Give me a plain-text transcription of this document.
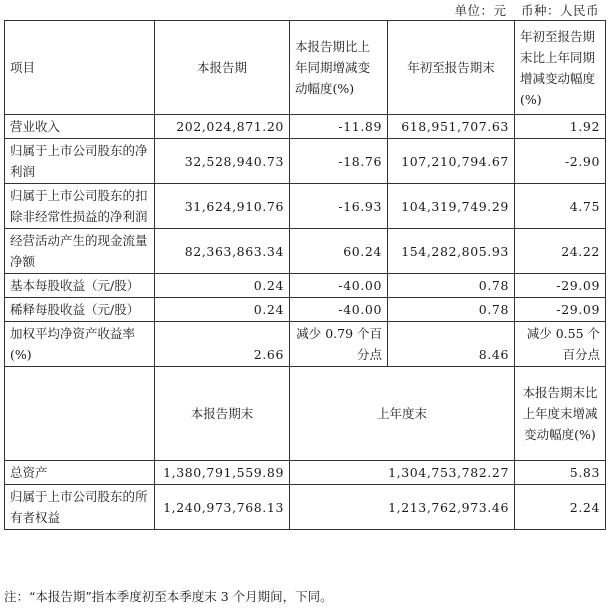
单位：元 币种：人民币
项目	本报告期	本报告期比上年同期增减变动幅度(%)	年初至报告期末	年初至报告期末比上年同期增减变动幅度(%)
营业收入	202,024,871.20	-11.89	618,951,707.63	1.92
归属于上市公司股东的净利润	32,528,940.73	-18.76	107,210,794.67	-2.90
归属于上市公司股东的扣除非经常性损益的净利润	31,624,910.76	-16.93	104,319,749.29	4.75
经营活动产生的现金流量净额	82,363,863.34	60.24	154,282,805.93	24.22
基本每股收益（元/股）	0.24	-40.00	0.78	-29.09
稀释每股收益（元/股）	0.24	-40.00	0.78	-29.09
加权平均净资产收益率(%)	2.66	减少 0.79 个百分点	8.46	减少 0.55 个百分点
	本报告期末	上年度末		本报告期末比上年度末增减变动幅度(%)
总资产	1,380,791,559.89	1,304,753,782.27		5.83
归属于上市公司股东的所有者权益	1,240,973,768.13	1,213,762,973.46		2.24
注：“本报告期”指本季度初至本季度末 3 个月期间，下同。
